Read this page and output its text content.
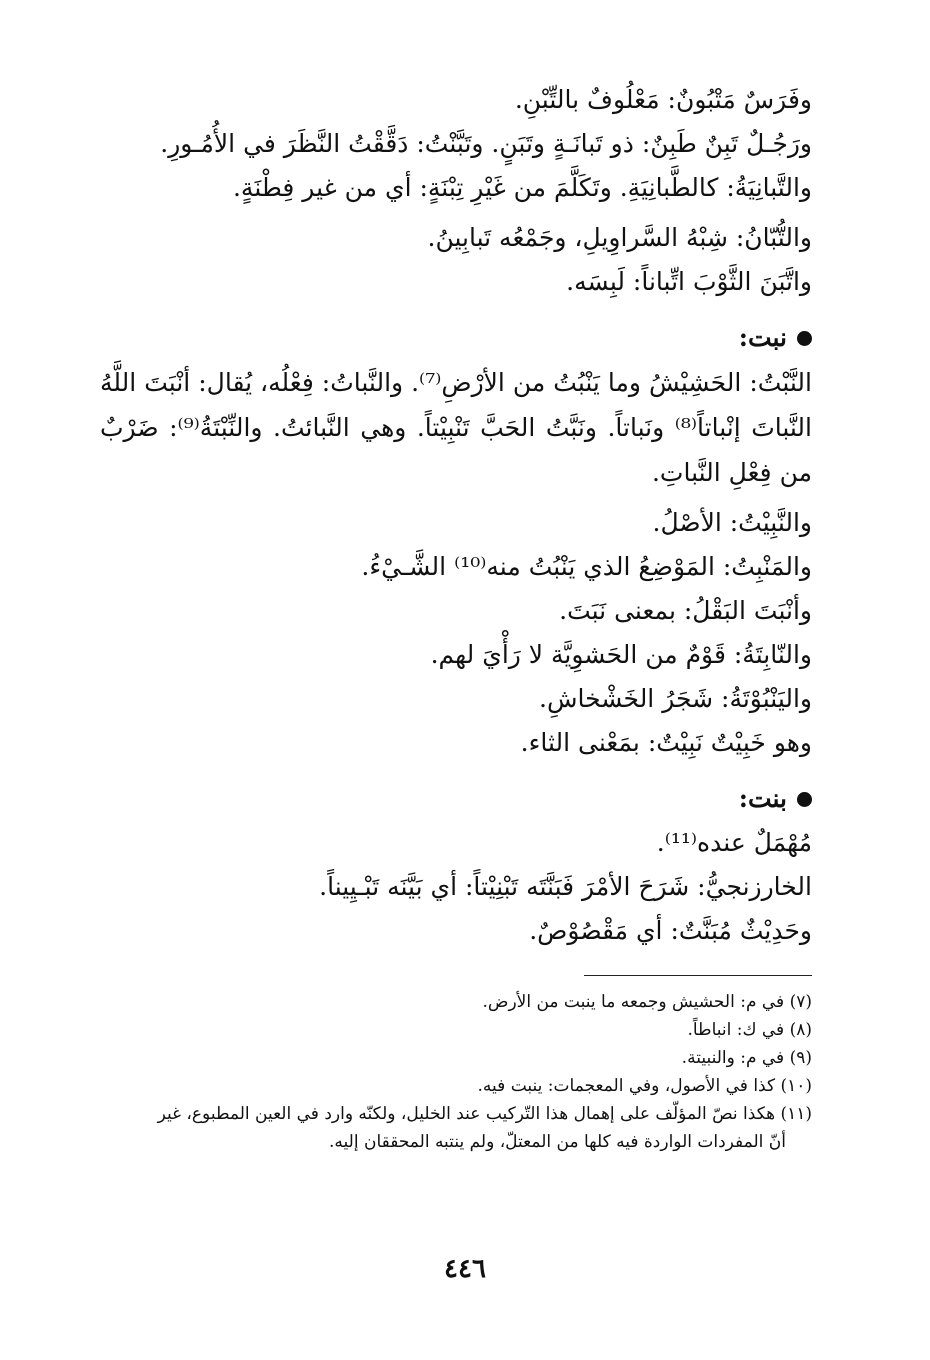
وفَرَسٌ مَتْبُونٌ: مَعْلُوفٌ بالتِّبْنِ.

ورَجُـلٌ تَبِنٌ طَبِنٌ: ذو تَبانَـةٍ وتَبَنٍ. وتَبَّنْتُ: دَقَّقْتُ النَّظَرَ في الأُمُـورِ.

والتَّبانِيَةُ: كالطَّبانِيَةِ. وتَكَلَّمَ من غَيْرِ تِبْنَةٍ: أي من غير فِطْنَةٍ.

والتُّبّانُ: شِبْهُ السَّراوِيلِ، وجَمْعُه تَبابِينُ.

واتَّبَنَ الثَّوْبَ اتِّباناً: لَبِسَه.

نبت:

النَّبْتُ: الحَشِيْشُ وما يَنْبُتُ من الأرْضِ⁽⁷⁾. والنَّباتُ: فِعْلُه، يُقال: أنْبَتَ اللَّهُ النَّباتَ إنْباتاً⁽⁸⁾ ونَباتاً. ونَبَّتُ الحَبَّ تَنْبِيْتاً. وهي النَّبائتُ. والنِّبْتَةُ⁽⁹⁾: ضَرْبٌ من فِعْلِ النَّباتِ.

والنَّبِيْتُ: الأصْلُ.

والمَنْبِتُ: المَوْضِعُ الذي يَنْبُتُ منه⁽¹⁰⁾ الشَّـيْءُ.

وأنْبَتَ البَقْلُ: بمعنى نَبَتَ.

والنّابِتَةُ: قَوْمٌ من الحَشوِيَّة لا رَأْيَ لهم.

واليَنْبُوْتَةُ: شَجَرُ الخَشْخاشِ.

وهو خَبِيْتٌ نَبِيْتٌ: بمَعْنى الثاء.

بنت:

مُهْمَلٌ عنده⁽¹¹⁾.

الخارزنجيُّ: شَرَحَ الأمْرَ فَبَنَّتَه تَبْنِيْتاً: أي بَيَّنَه تَبْـيِيناً.

وحَدِيْثٌ مُبَنَّتٌ: أي مَقْصُوْصٌ.

(٧) في م: الحشيش وجمعه ما ينبت من الأرض.

(٨) في ك: انباطاً.

(٩) في م: والنبيتة.

(١٠) كذا في الأصول، وفي المعجمات: ينبت فيه.

(١١) هكذا نصّ المؤلّف على إهمال هذا التّركيب عند الخليل، ولكنّه وارد في العين المطبوع، غير

أنّ المفردات الواردة فيه كلها من المعتلّ، ولم ينتبه المحققان إليه.

٤٤٦
